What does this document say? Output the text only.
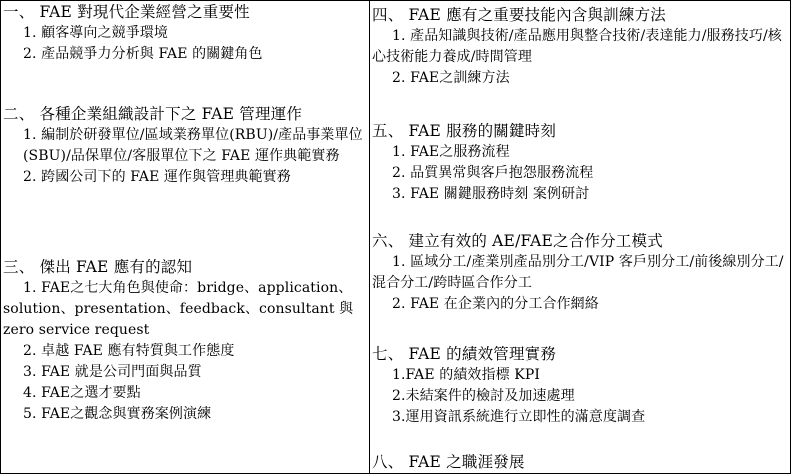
一、 FAE 對現代企業經營之重要性
1. 顧客導向之競爭環境
2. 產品競爭力分析與 FAE 的關鍵角色
二、 各種企業組織設計下之 FAE 管理運作
1. 編制於研發單位/區域業務單位(RBU)/產品事業單位(SBU)/品保單位/客服單位下之 FAE 運作典範實務
2. 跨國公司下的 FAE 運作與管理典範實務
三、 傑出 FAE 應有的認知
1. FAE之七大角色與使命：bridge、application、solution、presentation、feedback、consultant 與 zero service request
2. 卓越 FAE 應有特質與工作態度
3. FAE 就是公司門面與品質
4. FAE之選才要點
5. FAE之觀念與實務案例演練
四、 FAE 應有之重要技能內含與訓練方法
1. 產品知識與技術/產品應用與整合技術/表達能力/服務技巧/核心技術能力養成/時間管理
2. FAE之訓練方法
五、 FAE 服務的關鍵時刻
1. FAE之服務流程
2. 品質異常與客戶抱怨服務流程
3. FAE 關鍵服務時刻 案例研討
六、 建立有效的 AE/FAE之合作分工模式
1. 區域分工/產業別產品別分工/VIP 客戶別分工/前後線別分工/混合分工/跨時區合作分工
2. FAE 在企業內的分工合作網絡
七、 FAE 的績效管理實務
1.FAE 的績效指標 KPI
2.未結案件的檢討及加速處理
3.運用資訊系統進行立即性的滿意度調查
八、 FAE 之職涯發展
